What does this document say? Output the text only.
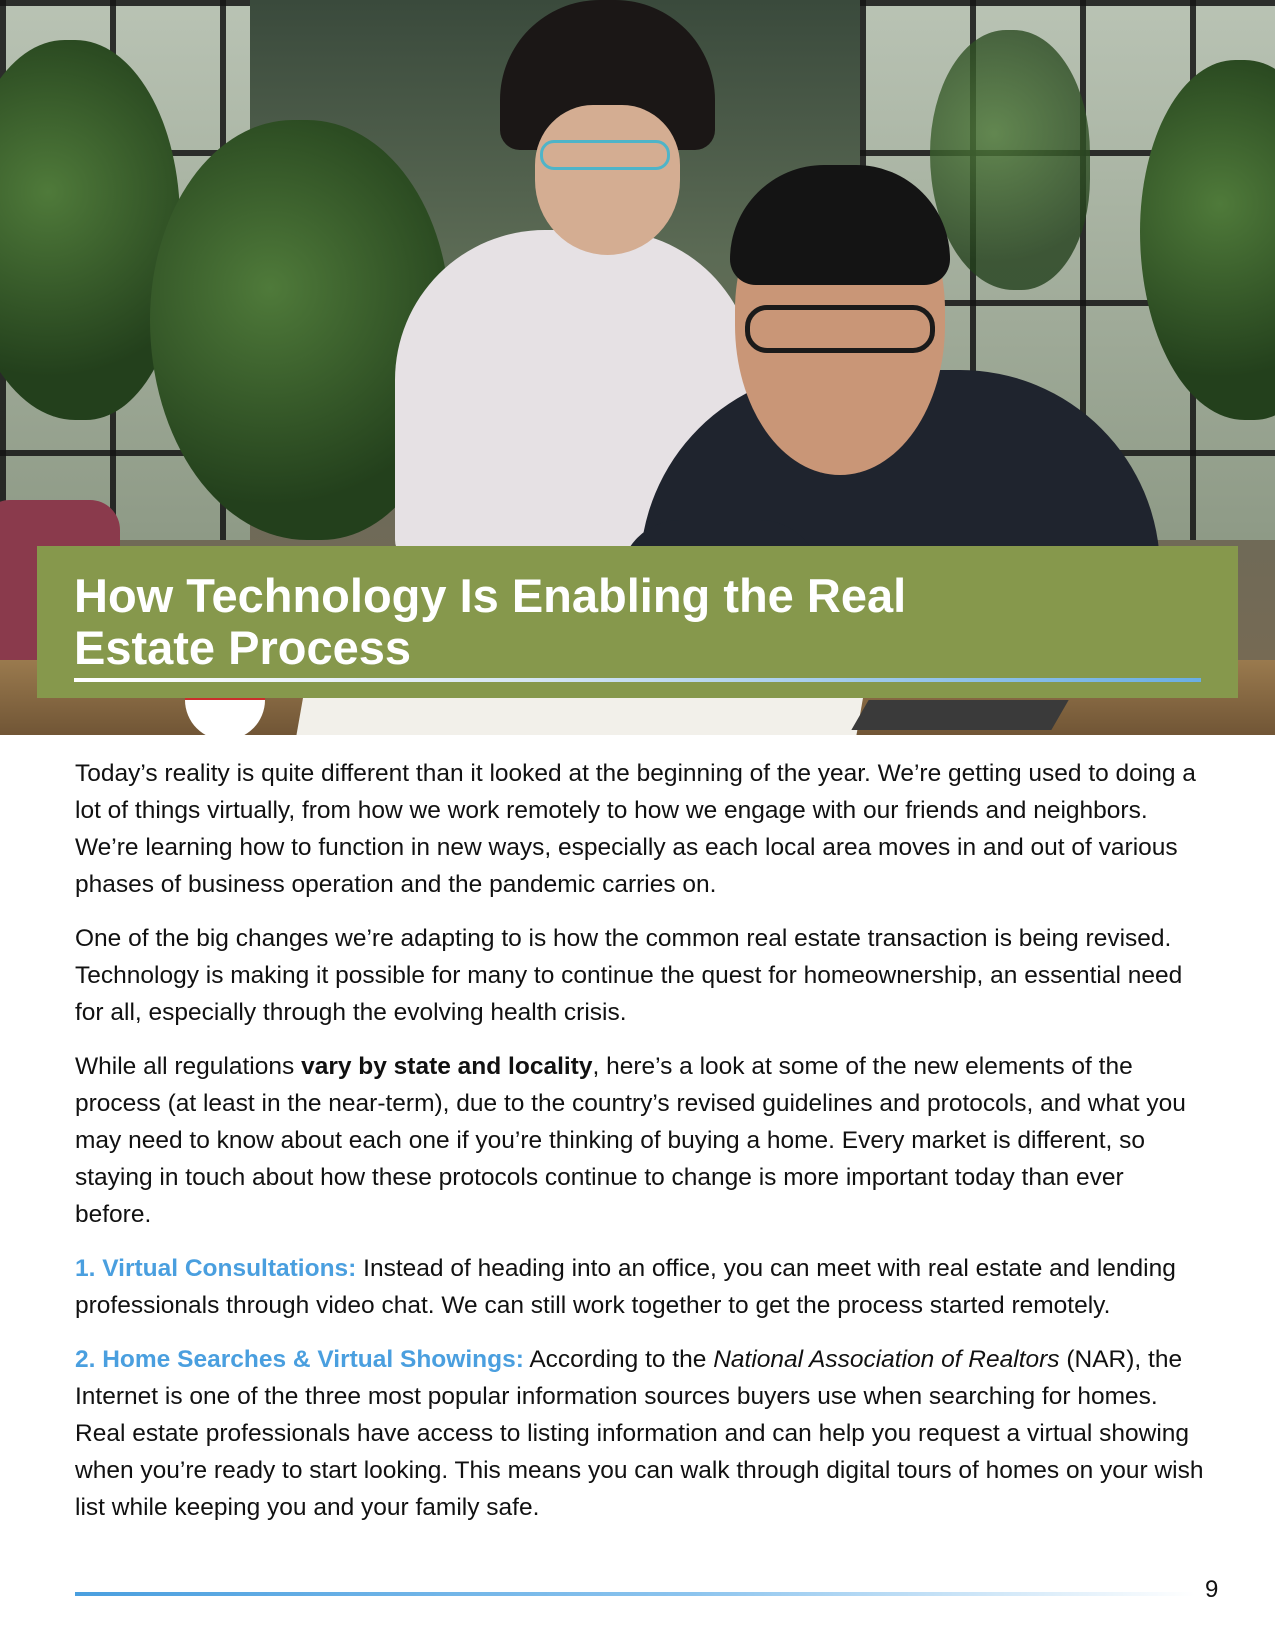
How Technology Is Enabling the Real
Estate Process

Today’s reality is quite different than it looked at the beginning of the year. We’re getting used to doing a lot of things virtually, from how we work remotely to how we engage with our friends and neighbors. We’re learning how to function in new ways, especially as each local area moves in and out of various phases of business operation and the pandemic carries on.

One of the big changes we’re adapting to is how the common real estate transaction is being revised. Technology is making it possible for many to continue the quest for homeownership, an essential need for all, especially through the evolving health crisis.

While all regulations vary by state and locality, here’s a look at some of the new elements of the process (at least in the near-term), due to the country’s revised guidelines and protocols, and what you may need to know about each one if you’re thinking of buying a home. Every market is different, so staying in touch about how these protocols continue to change is more important today than ever before.

1. Virtual Consultations: Instead of heading into an office, you can meet with real estate and lending professionals through video chat. We can still work together to get the process started remotely.

2. Home Searches & Virtual Showings: According to the National Association of Realtors (NAR), the Internet is one of the three most popular information sources buyers use when searching for homes. Real estate professionals have access to listing information and can help you request a virtual showing when you’re ready to start looking. This means you can walk through digital tours of homes on your wish list while keeping you and your family safe.

9
